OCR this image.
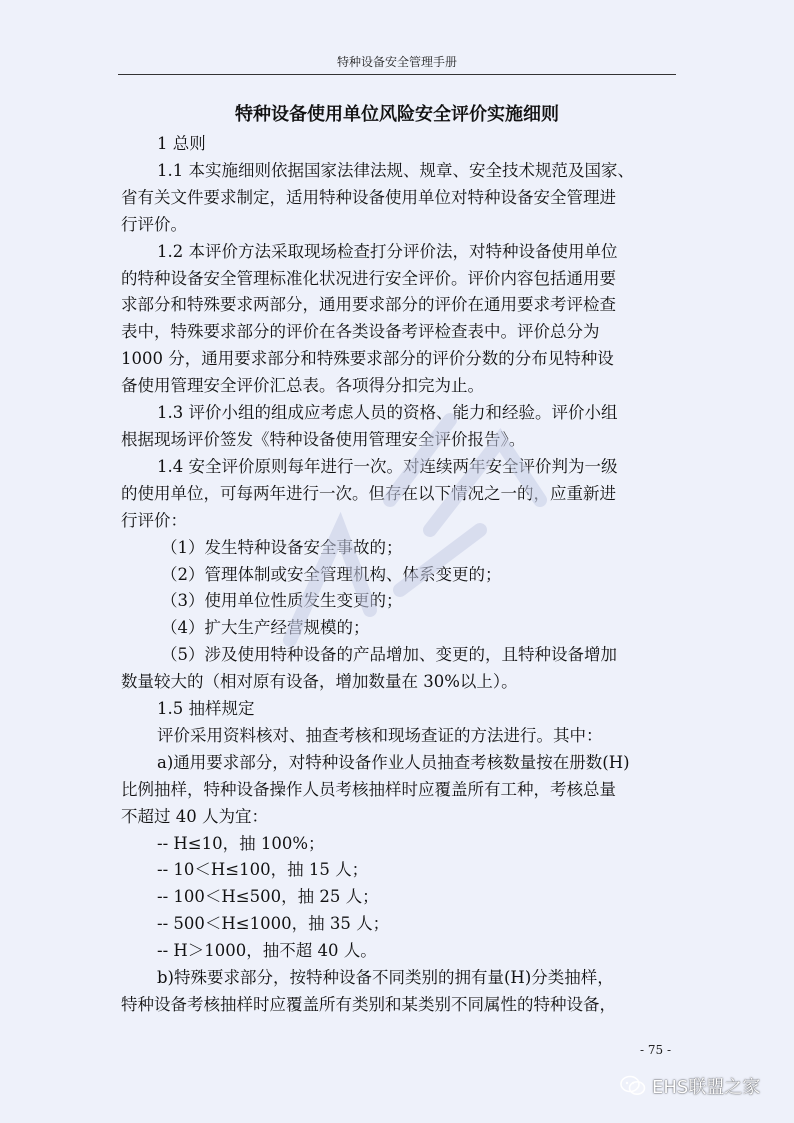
特种设备安全管理手册
特种设备使用单位风险安全评价实施细则

1 总则

1.1 本实施细则依据国家法律法规、规章、安全技术规范及国家、

省有关文件要求制定，适用特种设备使用单位对特种设备安全管理进

行评价。

1.2 本评价方法采取现场检查打分评价法，对特种设备使用单位

的特种设备安全管理标准化状况进行安全评价。评价内容包括通用要

求部分和特殊要求两部分，通用要求部分的评价在通用要求考评检查

表中，特殊要求部分的评价在各类设备考评检查表中。评价总分为

1000 分，通用要求部分和特殊要求部分的评价分数的分布见特种设

备使用管理安全评价汇总表。各项得分扣完为止。

1.3 评价小组的组成应考虑人员的资格、能力和经验。评价小组

根据现场评价签发《特种设备使用管理安全评价报告》。

1.4 安全评价原则每年进行一次。对连续两年安全评价判为一级

的使用单位，可每两年进行一次。但存在以下情况之一的，应重新进

行评价：

（1）发生特种设备安全事故的；

（2）管理体制或安全管理机构、体系变更的；

（3）使用单位性质发生变更的；

（4）扩大生产经营规模的；

（5）涉及使用特种设备的产品增加、变更的，且特种设备增加

数量较大的（相对原有设备，增加数量在 30%以上）。

1.5 抽样规定

评价采用资料核对、抽查考核和现场查证的方法进行。其中：

a)通用要求部分，对特种设备作业人员抽查考核数量按在册数(H)

比例抽样，特种设备操作人员考核抽样时应覆盖所有工种，考核总量

不超过 40 人为宜：

-- H≤10，抽 100%；

-- 10＜H≤100，抽 15 人；

-- 100＜H≤500，抽 25 人；

-- 500＜H≤1000，抽 35 人；

-- H＞1000，抽不超 40 人。

b)特殊要求部分，按特种设备不同类别的拥有量(H)分类抽样，

特种设备考核抽样时应覆盖所有类别和某类别不同属性的特种设备，

- 75 -
EHS联盟之家
